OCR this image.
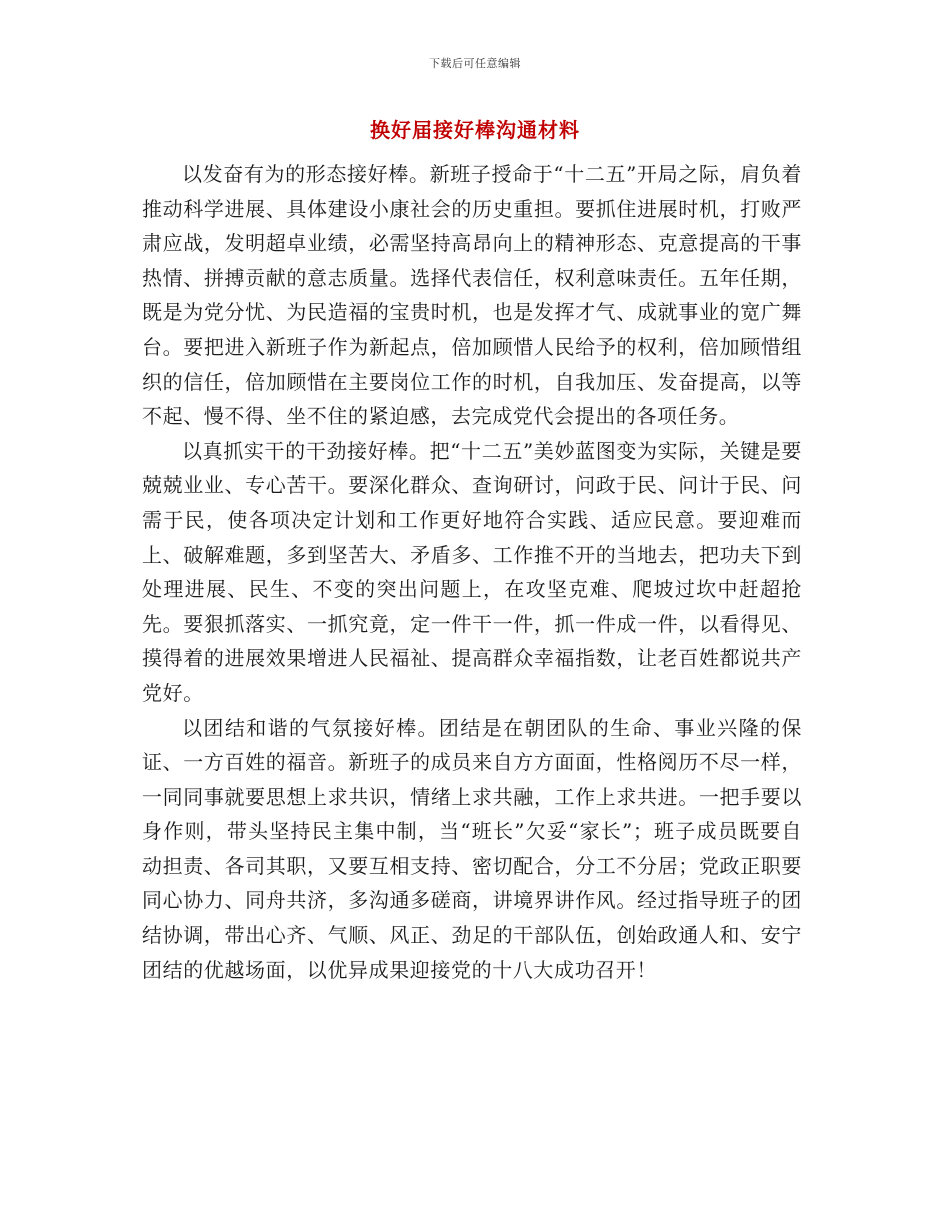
下载后可任意编辑
换好届接好棒沟通材料

以发奋有为的形态接好棒。新班子授命于“十二五”开局之际，肩负着推动科学进展、具体建设小康社会的历史重担。要抓住进展时机，打败严肃应战，发明超卓业绩，必需坚持高昂向上的精神形态、克意提高的干事热情、拼搏贡献的意志质量。选择代表信任，权利意味责任。五年任期，既是为党分忧、为民造福的宝贵时机，也是发挥才气、成就事业的宽广舞台。要把进入新班子作为新起点，倍加顾惜人民给予的权利，倍加顾惜组织的信任，倍加顾惜在主要岗位工作的时机，自我加压、发奋提高，以等不起、慢不得、坐不住的紧迫感，去完成党代会提出的各项任务。

以真抓实干的干劲接好棒。把“十二五”美妙蓝图变为实际，关键是要兢兢业业、专心苦干。要深化群众、查询研讨，问政于民、问计于民、问需于民，使各项决定计划和工作更好地符合实践、适应民意。要迎难而上、破解难题，多到坚苦大、矛盾多、工作推不开的当地去，把功夫下到处理进展、民生、不变的突出问题上，在攻坚克难、爬坡过坎中赶超抢先。要狠抓落实、一抓究竟，定一件干一件，抓一件成一件，以看得见、摸得着的进展效果增进人民福祉、提高群众幸福指数，让老百姓都说共产党好。

以团结和谐的气氛接好棒。团结是在朝团队的生命、事业兴隆的保证、一方百姓的福音。新班子的成员来自方方面面，性格阅历不尽一样，一同同事就要思想上求共识，情绪上求共融，工作上求共进。一把手要以身作则，带头坚持民主集中制，当“班长”欠妥“家长”；班子成员既要自动担责、各司其职，又要互相支持、密切配合，分工不分居；党政正职要同心协力、同舟共济，多沟通多磋商，讲境界讲作风。经过指导班子的团结协调，带出心齐、气顺、风正、劲足的干部队伍，创始政通人和、安宁团结的优越场面，以优异成果迎接党的十八大成功召开！
